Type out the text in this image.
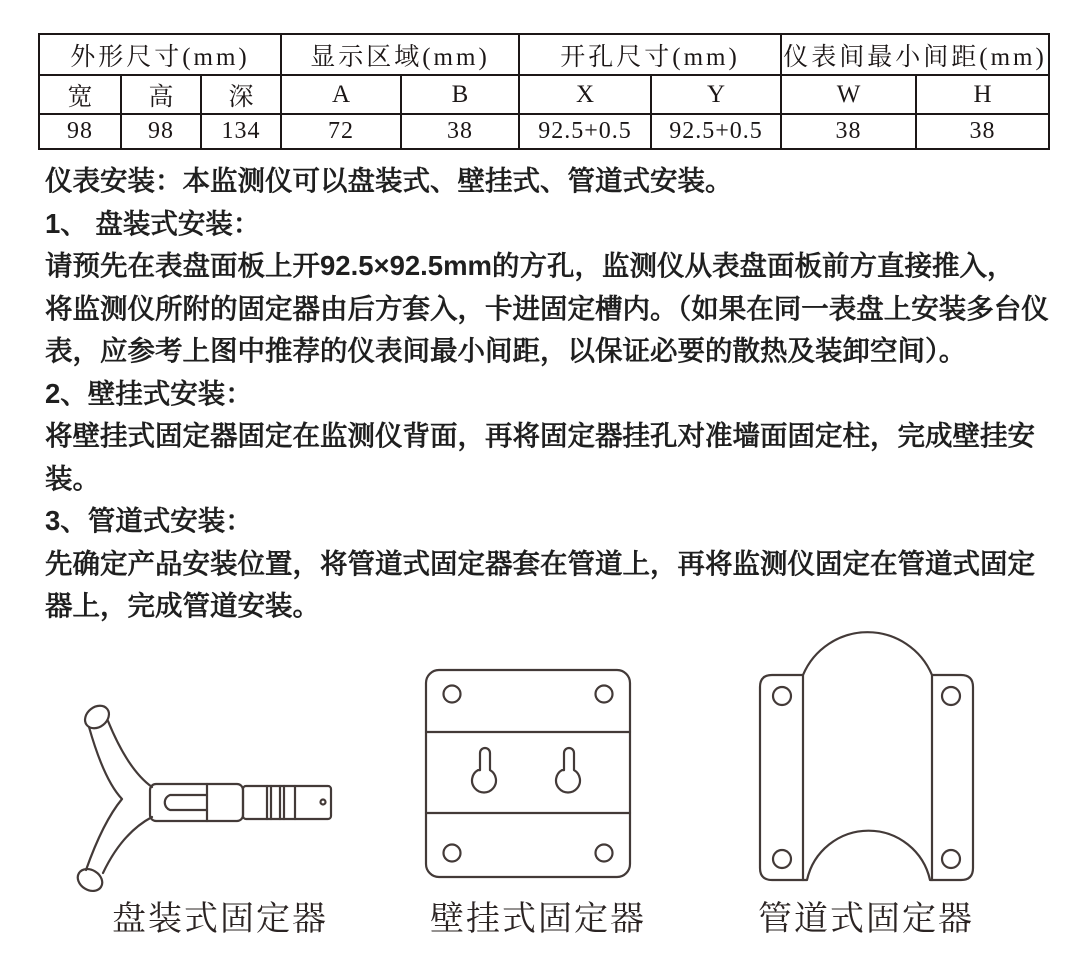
外形尺寸(mm)			显示区域(mm)		开孔尺寸(mm)		仪表间最小间距(mm)	
宽	高	深	A	B	X	Y	W	H
98	98	134	72	38	92.5+0.5	92.5+0.5	38	38

仪表安装：本监测仪可以盘装式、壁挂式、管道式安装。

1、 盘装式安装：

请预先在表盘面板上开92.5×92.5mm的方孔，监测仪从表盘面板前方直接推入，

将监测仪所附的固定器由后方套入，卡进固定槽内。（如果在同一表盘上安装多台仪表，应参考上图中推荐的仪表间最小间距，以保证必要的散热及装卸空间）。

2、壁挂式安装：

将壁挂式固定器固定在监测仪背面，再将固定器挂孔对准墙面固定柱，完成壁挂安装。

3、管道式安装：

先确定产品安装位置，将管道式固定器套在管道上，再将监测仪固定在管道式固定器上，完成管道安装。

盘装式固定器	壁挂式固定器	管道式固定器
